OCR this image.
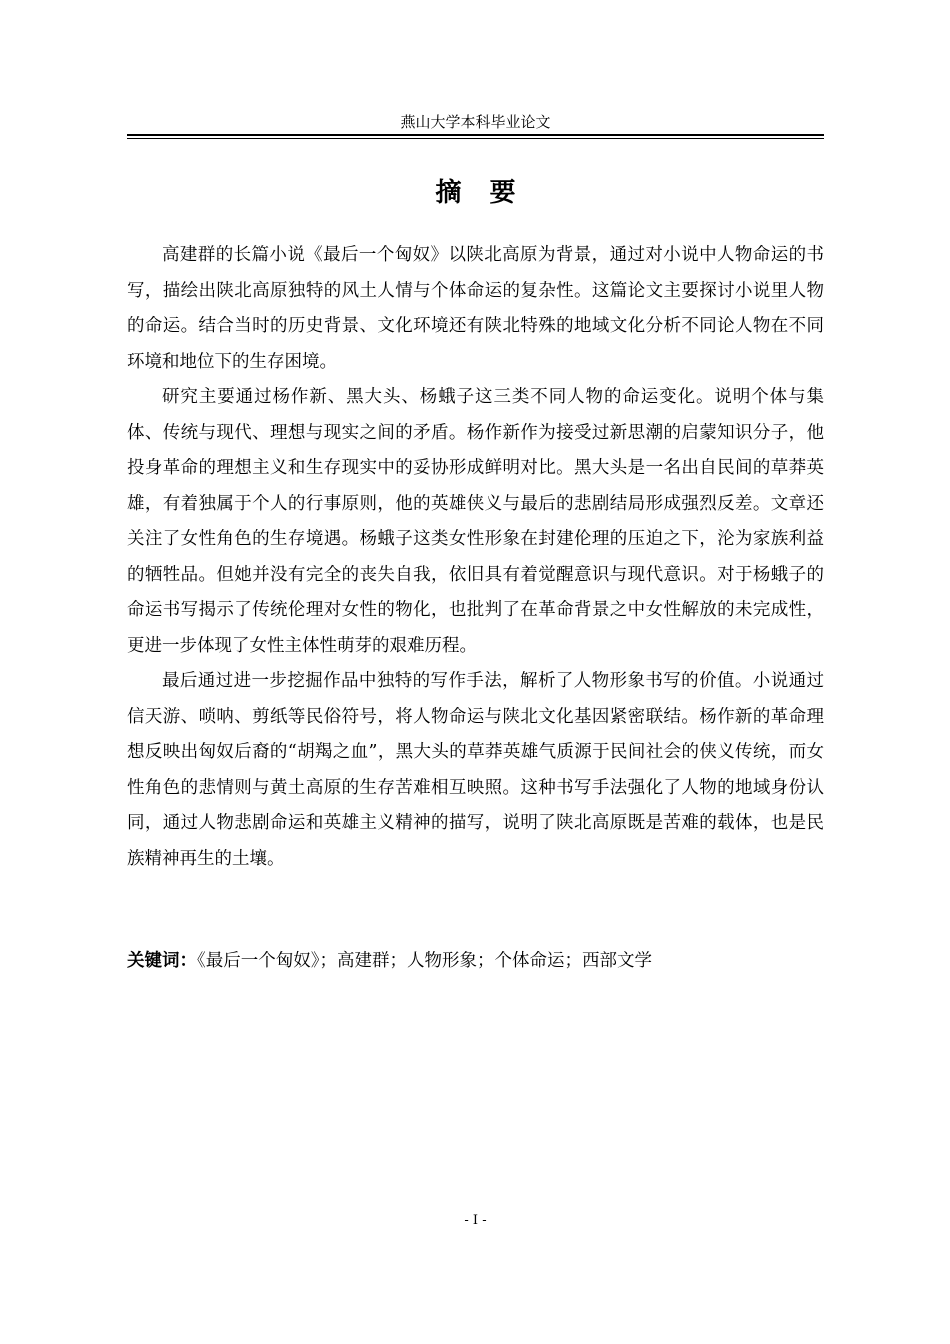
燕山大学本科毕业论文
摘要

高建群的长篇小说《最后一个匈奴》以陕北高原为背景，通过对小说中人物命运的书写，描绘出陕北高原独特的风土人情与个体命运的复杂性。这篇论文主要探讨小说里人物的命运。结合当时的历史背景、文化环境还有陕北特殊的地域文化分析不同论人物在不同环境和地位下的生存困境。

研究主要通过杨作新、黑大头、杨蛾子这三类不同人物的命运变化。说明个体与集体、传统与现代、理想与现实之间的矛盾。杨作新作为接受过新思潮的启蒙知识分子，他投身革命的理想主义和生存现实中的妥协形成鲜明对比。黑大头是一名出自民间的草莽英雄，有着独属于个人的行事原则，他的英雄侠义与最后的悲剧结局形成强烈反差。文章还关注了女性角色的生存境遇。杨蛾子这类女性形象在封建伦理的压迫之下，沦为家族利益的牺牲品。但她并没有完全的丧失自我，依旧具有着觉醒意识与现代意识。对于杨蛾子的命运书写揭示了传统伦理对女性的物化，也批判了在革命背景之中女性解放的未完成性，更进一步体现了女性主体性萌芽的艰难历程。

最后通过进一步挖掘作品中独特的写作手法，解析了人物形象书写的价值。小说通过信天游、唢呐、剪纸等民俗符号，将人物命运与陕北文化基因紧密联结。杨作新的革命理想反映出匈奴后裔的“胡羯之血”，黑大头的草莽英雄气质源于民间社会的侠义传统，而女性角色的悲情则与黄土高原的生存苦难相互映照。这种书写手法强化了人物的地域身份认同，通过人物悲剧命运和英雄主义精神的描写，说明了陕北高原既是苦难的载体，也是民族精神再生的土壤。

关键词：《最后一个匈奴》；高建群；人物形象；个体命运；西部文学
- I -
